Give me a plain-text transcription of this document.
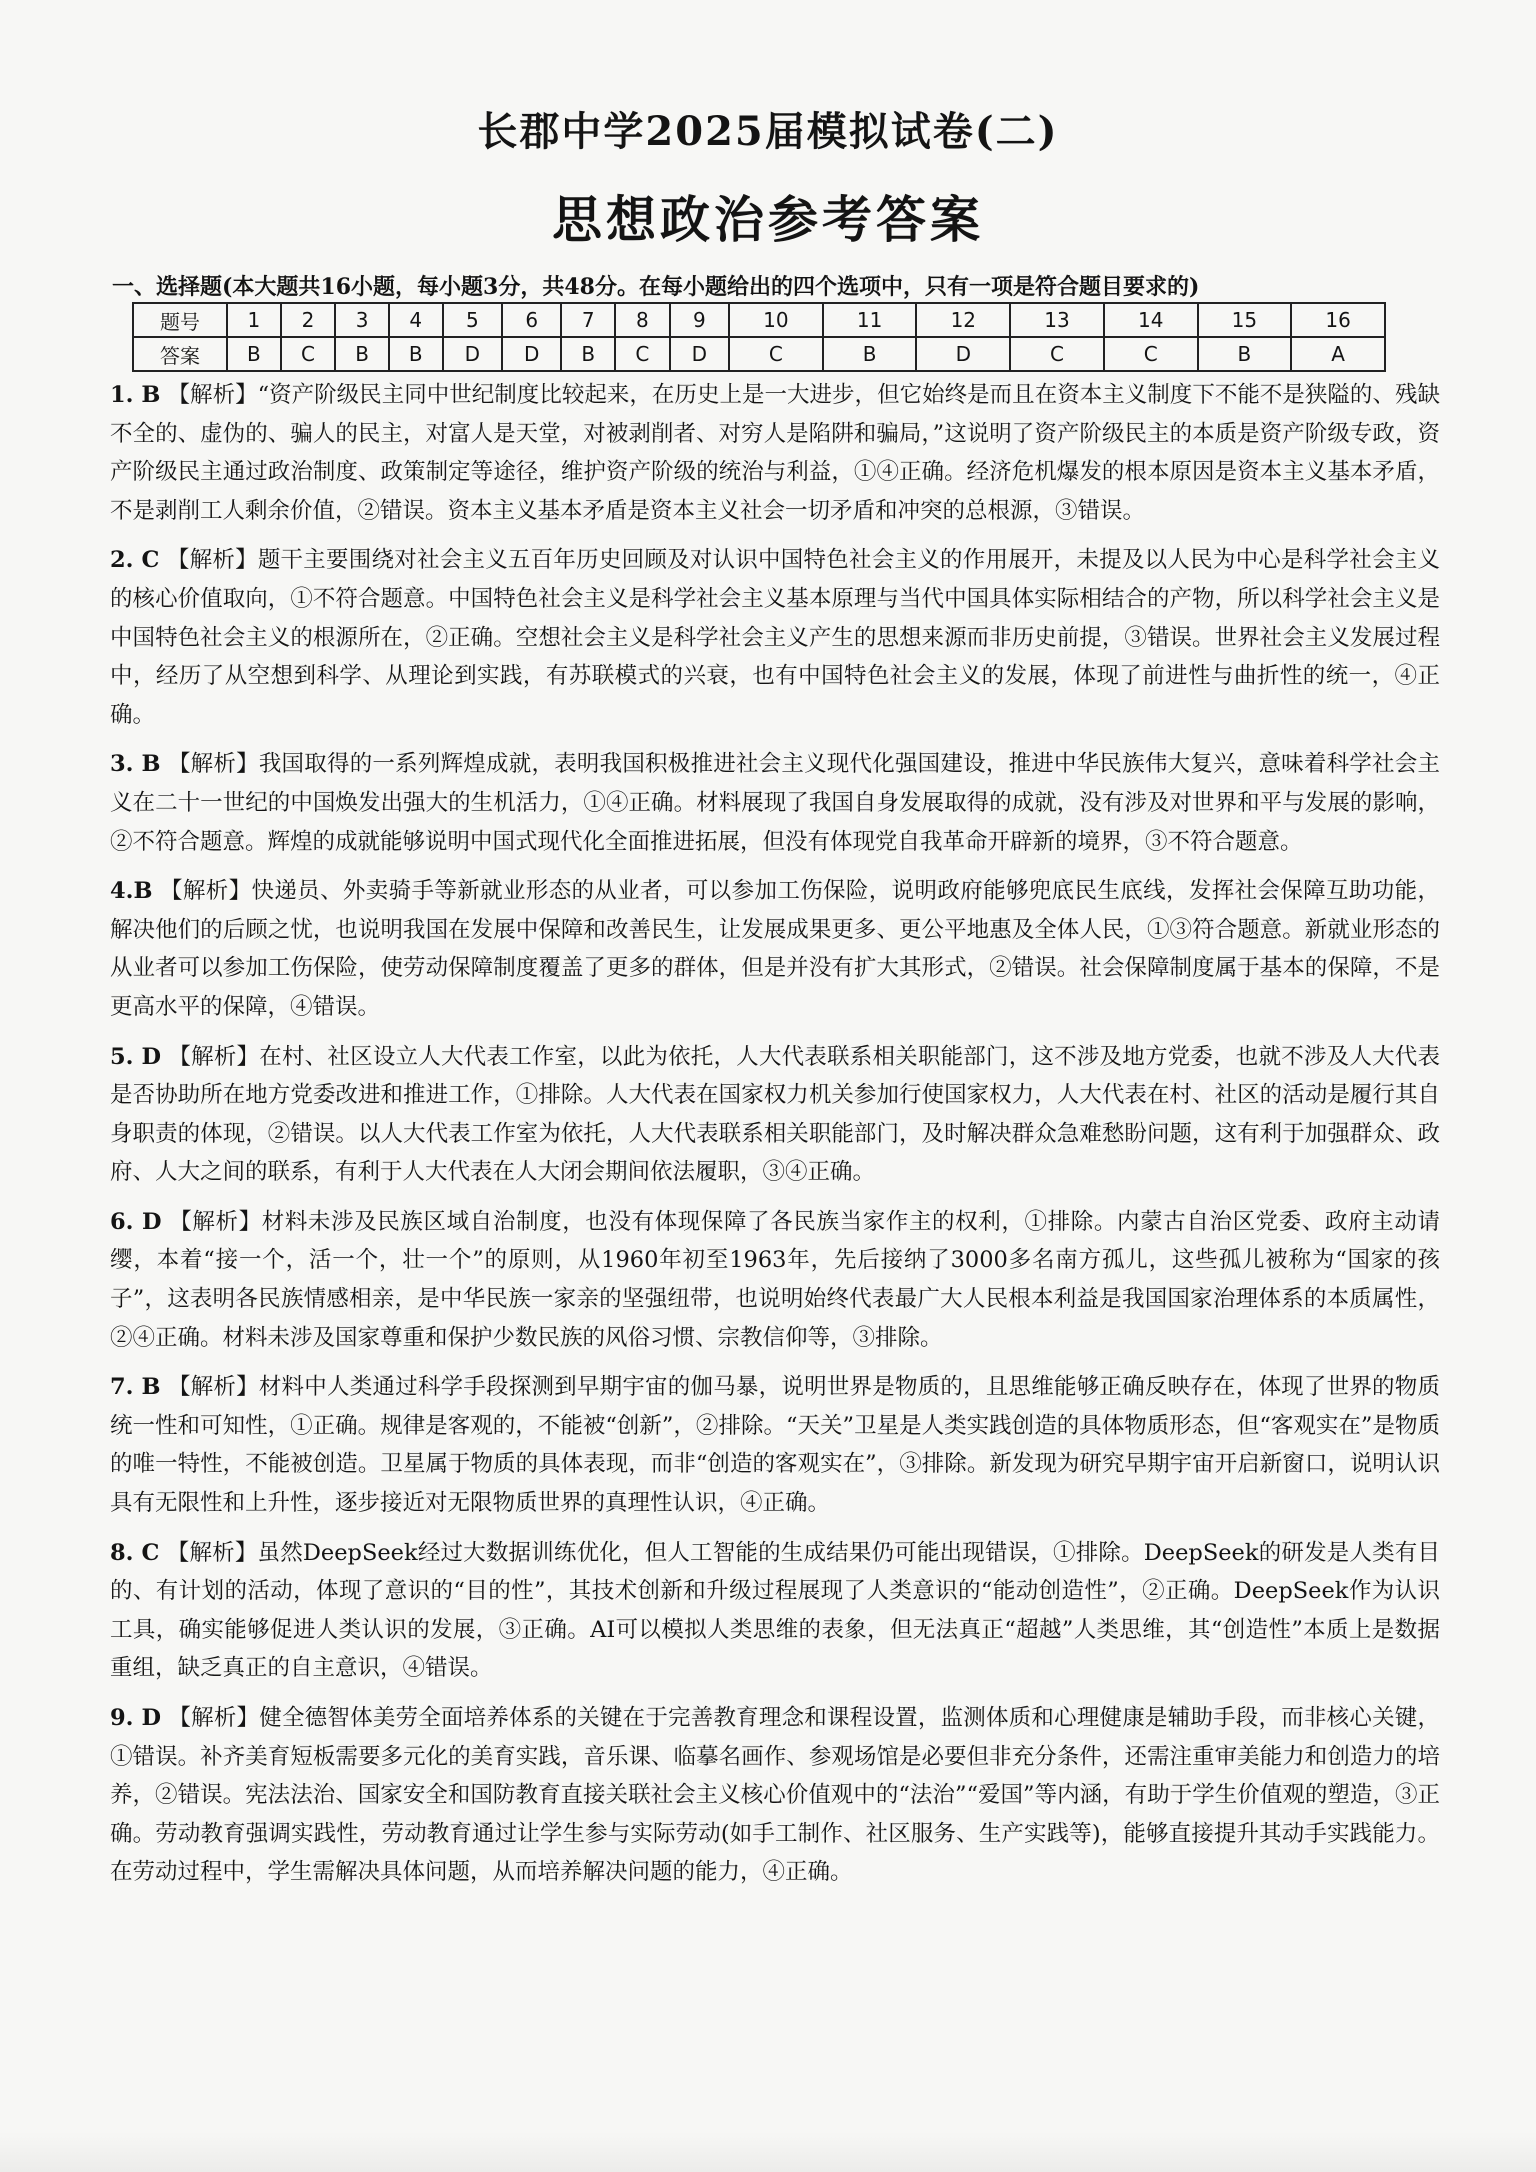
长郡中学2025届模拟试卷(二)
思想政治参考答案
一、选择题(本大题共16小题，每小题3分，共48分。在每小题给出的四个选项中，只有一项是符合题目要求的)
题号	1	2	3	4	5	6	7	8	9	10	11	12	13	14	15	16
答案	B	C	B	B	D	D	B	C	D	C	B	D	C	C	B	A

1. B 【解析】“资产阶级民主同中世纪制度比较起来，在历史上是一大进步，但它始终是而且在资本主义制度下不能不是狭隘的、残缺不全的、虚伪的、骗人的民主，对富人是天堂，对被剥削者、对穷人是陷阱和骗局，”这说明了资产阶级民主的本质是资产阶级专政，资产阶级民主通过政治制度、政策制定等途径，维护资产阶级的统治与利益，①④正确。经济危机爆发的根本原因是资本主义基本矛盾，不是剥削工人剩余价值，②错误。资本主义基本矛盾是资本主义社会一切矛盾和冲突的总根源，③错误。

2. C 【解析】题干主要围绕对社会主义五百年历史回顾及对认识中国特色社会主义的作用展开，未提及以人民为中心是科学社会主义的核心价值取向，①不符合题意。中国特色社会主义是科学社会主义基本原理与当代中国具体实际相结合的产物，所以科学社会主义是中国特色社会主义的根源所在，②正确。空想社会主义是科学社会主义产生的思想来源而非历史前提，③错误。世界社会主义发展过程中，经历了从空想到科学、从理论到实践，有苏联模式的兴衰，也有中国特色社会主义的发展，体现了前进性与曲折性的统一，④正确。

3. B 【解析】我国取得的一系列辉煌成就，表明我国积极推进社会主义现代化强国建设，推进中华民族伟大复兴，意味着科学社会主义在二十一世纪的中国焕发出强大的生机活力，①④正确。材料展现了我国自身发展取得的成就，没有涉及对世界和平与发展的影响，②不符合题意。辉煌的成就能够说明中国式现代化全面推进拓展，但没有体现党自我革命开辟新的境界，③不符合题意。

4.B 【解析】快递员、外卖骑手等新就业形态的从业者，可以参加工伤保险，说明政府能够兜底民生底线，发挥社会保障互助功能，解决他们的后顾之忧，也说明我国在发展中保障和改善民生，让发展成果更多、更公平地惠及全体人民，①③符合题意。新就业形态的从业者可以参加工伤保险，使劳动保障制度覆盖了更多的群体，但是并没有扩大其形式，②错误。社会保障制度属于基本的保障，不是更高水平的保障，④错误。

5. D 【解析】在村、社区设立人大代表工作室，以此为依托，人大代表联系相关职能部门，这不涉及地方党委，也就不涉及人大代表是否协助所在地方党委改进和推进工作，①排除。人大代表在国家权力机关参加行使国家权力，人大代表在村、社区的活动是履行其自身职责的体现，②错误。以人大代表工作室为依托，人大代表联系相关职能部门，及时解决群众急难愁盼问题，这有利于加强群众、政府、人大之间的联系，有利于人大代表在人大闭会期间依法履职，③④正确。

6. D 【解析】材料未涉及民族区域自治制度，也没有体现保障了各民族当家作主的权利，①排除。内蒙古自治区党委、政府主动请缨，本着“接一个，活一个，壮一个”的原则，从1960年初至1963年，先后接纳了3000多名南方孤儿，这些孤儿被称为“国家的孩子”，这表明各民族情感相亲，是中华民族一家亲的坚强纽带，也说明始终代表最广大人民根本利益是我国国家治理体系的本质属性，②④正确。材料未涉及国家尊重和保护少数民族的风俗习惯、宗教信仰等，③排除。

7. B 【解析】材料中人类通过科学手段探测到早期宇宙的伽马暴，说明世界是物质的，且思维能够正确反映存在，体现了世界的物质统一性和可知性，①正确。规律是客观的，不能被“创新”，②排除。“天关”卫星是人类实践创造的具体物质形态，但“客观实在”是物质的唯一特性，不能被创造。卫星属于物质的具体表现，而非“创造的客观实在”，③排除。新发现为研究早期宇宙开启新窗口，说明认识具有无限性和上升性，逐步接近对无限物质世界的真理性认识，④正确。

8. C 【解析】虽然DeepSeek经过大数据训练优化，但人工智能的生成结果仍可能出现错误，①排除。DeepSeek的研发是人类有目的、有计划的活动，体现了意识的“目的性”，其技术创新和升级过程展现了人类意识的“能动创造性”，②正确。DeepSeek作为认识工具，确实能够促进人类认识的发展，③正确。AI可以模拟人类思维的表象，但无法真正“超越”人类思维，其“创造性”本质上是数据重组，缺乏真正的自主意识，④错误。

9. D 【解析】健全德智体美劳全面培养体系的关键在于完善教育理念和课程设置，监测体质和心理健康是辅助手段，而非核心关键，①错误。补齐美育短板需要多元化的美育实践，音乐课、临摹名画作、参观场馆是必要但非充分条件，还需注重审美能力和创造力的培养，②错误。宪法法治、国家安全和国防教育直接关联社会主义核心价值观中的“法治”“爱国”等内涵，有助于学生价值观的塑造，③正确。劳动教育强调实践性，劳动教育通过让学生参与实际劳动(如手工制作、社区服务、生产实践等)，能够直接提升其动手实践能力。在劳动过程中，学生需解决具体问题，从而培养解决问题的能力，④正确。
